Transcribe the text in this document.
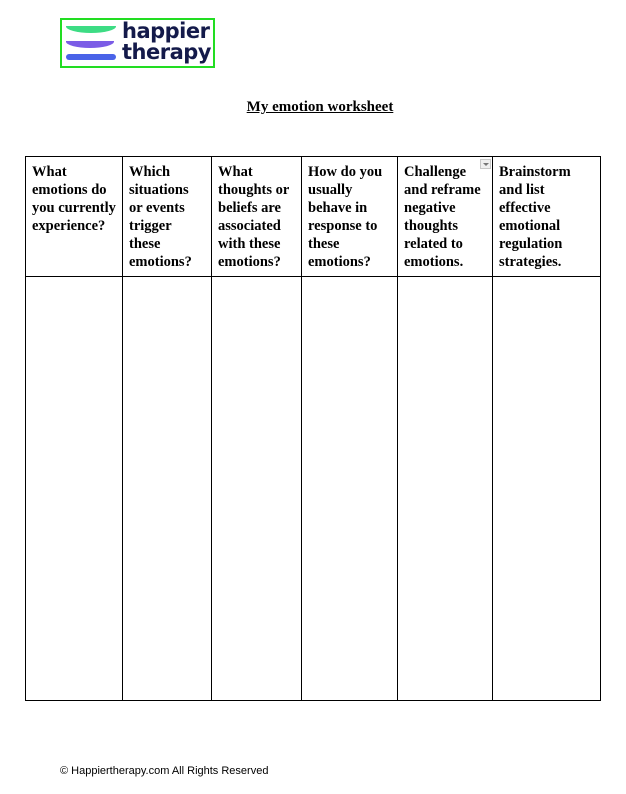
happier
therapy
My emotion worksheet
What emotions do you currently experience?	Which situations or events trigger these emotions?	What thoughts or beliefs are associated with these emotions?	How do you usually behave in response to these emotions?	Challenge and reframe negative thoughts related to emotions.	Brainstorm and list effective emotional regulation strategies.

© Happiertherapy.com All Rights Reserved
